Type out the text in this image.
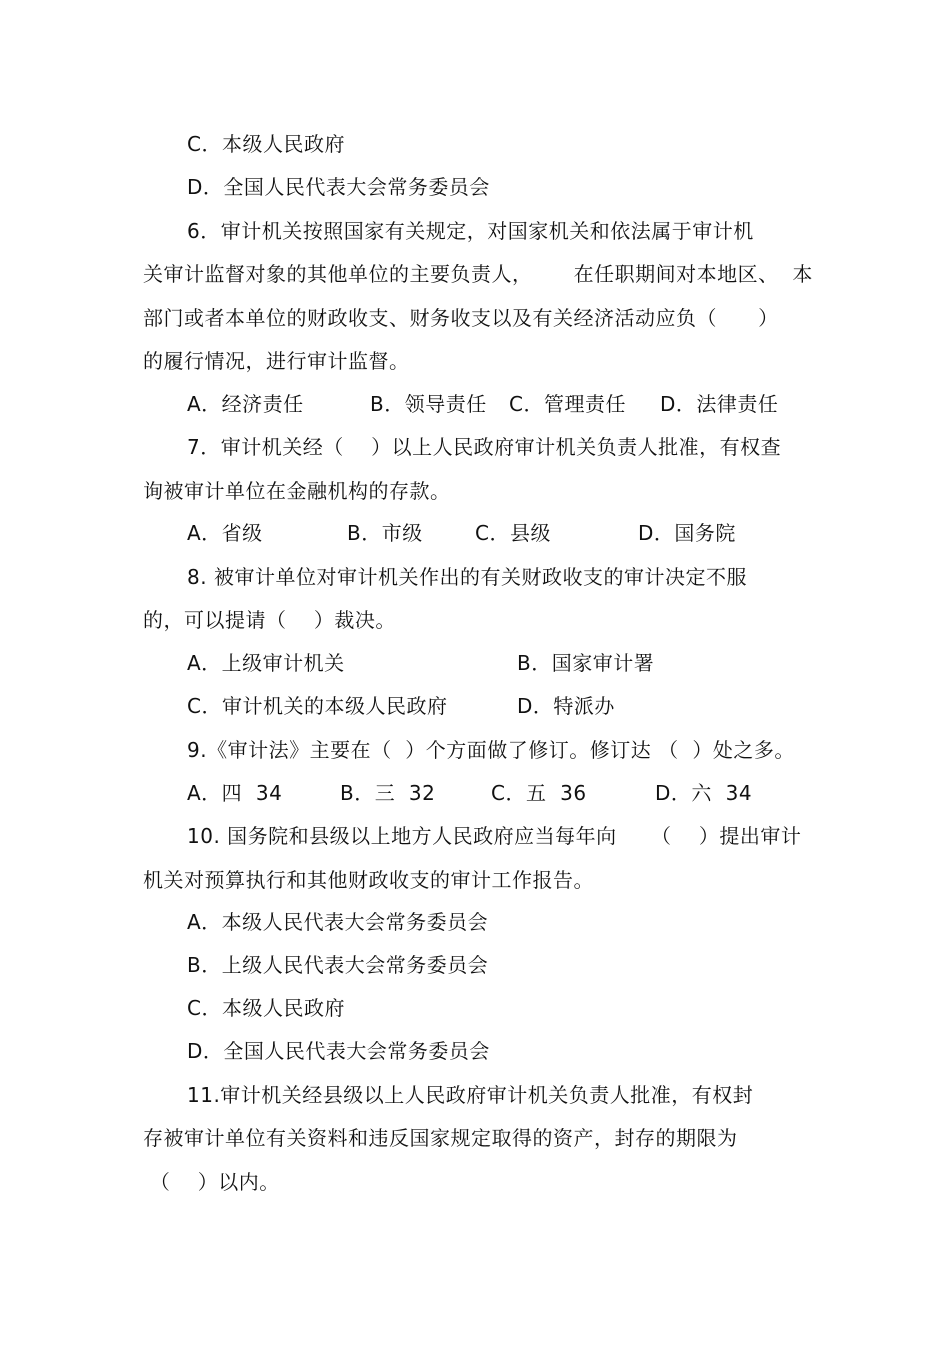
C．本级人民政府
D．全国人民代表大会常务委员会
6．审计机关按照国家有关规定，对国家机关和依法属于审计机
关审计监督对象的其他单位的主要负责人，      在任职期间对本地区、  本
部门或者本单位的财政收支、财务收支以及有关经济活动应负（      ）
的履行情况，进行审计监督。
A．经济责任	B．领导责任 C．管理责任 D．法律责任
7．审计机关经（    ）以上人民政府审计机关负责人批准，有权查
询被审计单位在金融机构的存款。
A．省级	B．市级	C．县级	D．国务院
8. 被审计单位对审计机关作出的有关财政收支的审计决定不服
的，可以提请（    ）裁决。
A．上级审计机关	B．国家审计署
C．审计机关的本级人民政府	D．特派办
9.《审计法》主要在（  ）个方面做了修订。修订达 （  ）处之多。
A．四  34	B．三  32	C．五  36	D．六  34
10. 国务院和县级以上地方人民政府应当每年向     （    ）提出审计
机关对预算执行和其他财政收支的审计工作报告。
A．本级人民代表大会常务委员会
B．上级人民代表大会常务委员会
C．本级人民政府
D．全国人民代表大会常务委员会
11.审计机关经县级以上人民政府审计机关负责人批准，有权封
存被审计单位有关资料和违反国家规定取得的资产，封存的期限为
（    ）以内。
